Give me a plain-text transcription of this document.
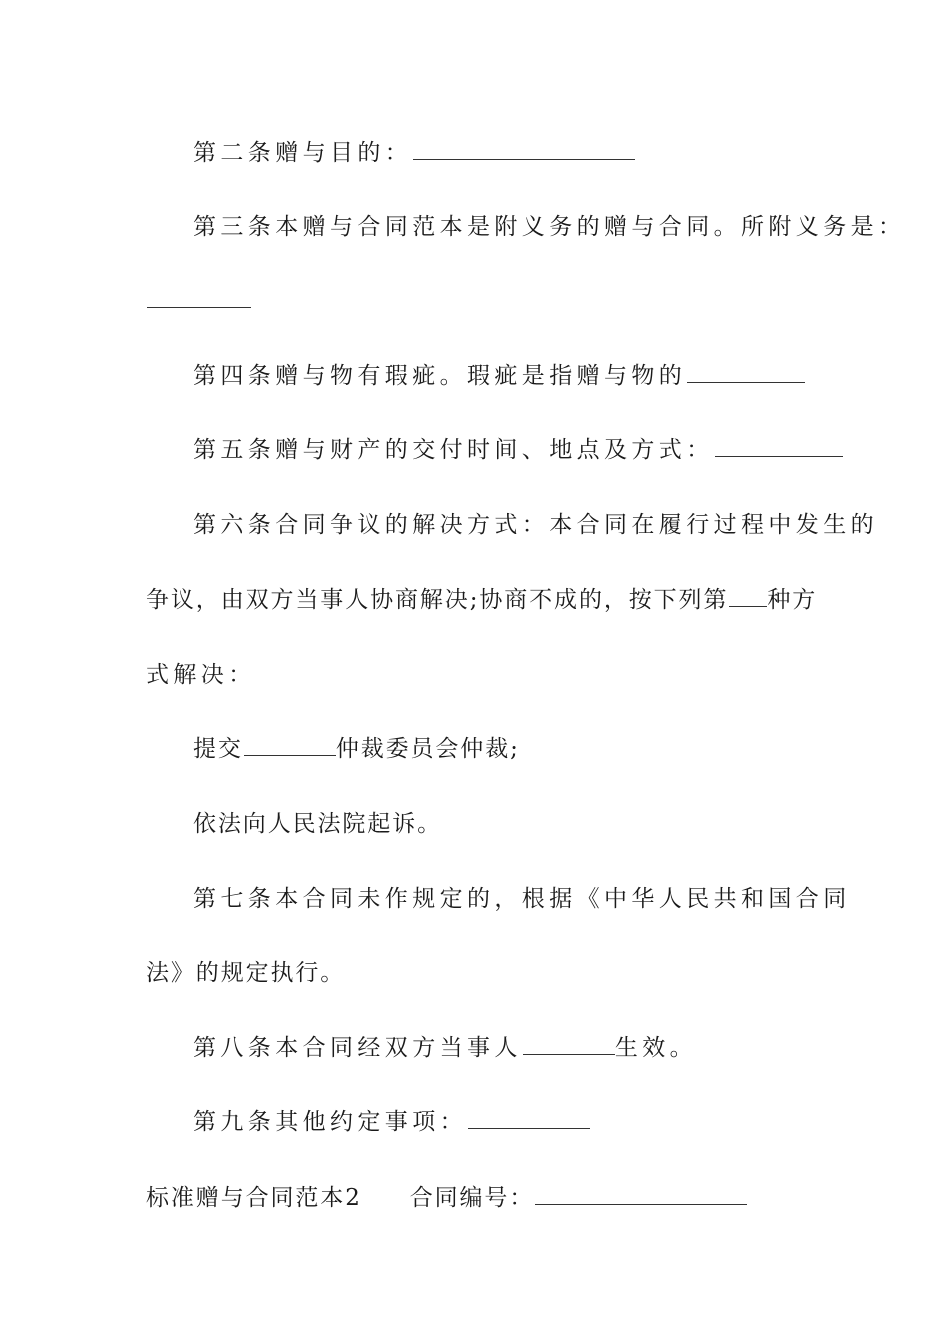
第二条赠与目的：
第三条本赠与合同范本是附义务的赠与合同。所附义务是：
第四条赠与物有瑕疵。瑕疵是指赠与物的
第五条赠与财产的交付时间、地点及方式：
第六条合同争议的解决方式：本合同在履行过程中发生的
争议，由双方当事人协商解决;协商不成的，按下列第 种方
式解决：
提交	仲裁委员会仲裁;
依法向人民法院起诉。
第七条本合同未作规定的，根据《中华人民共和国合同
法》的规定执行。
第八条本合同经双方当事人	生效。
第九条其他约定事项：
标准赠与合同范本2 合同编号：
